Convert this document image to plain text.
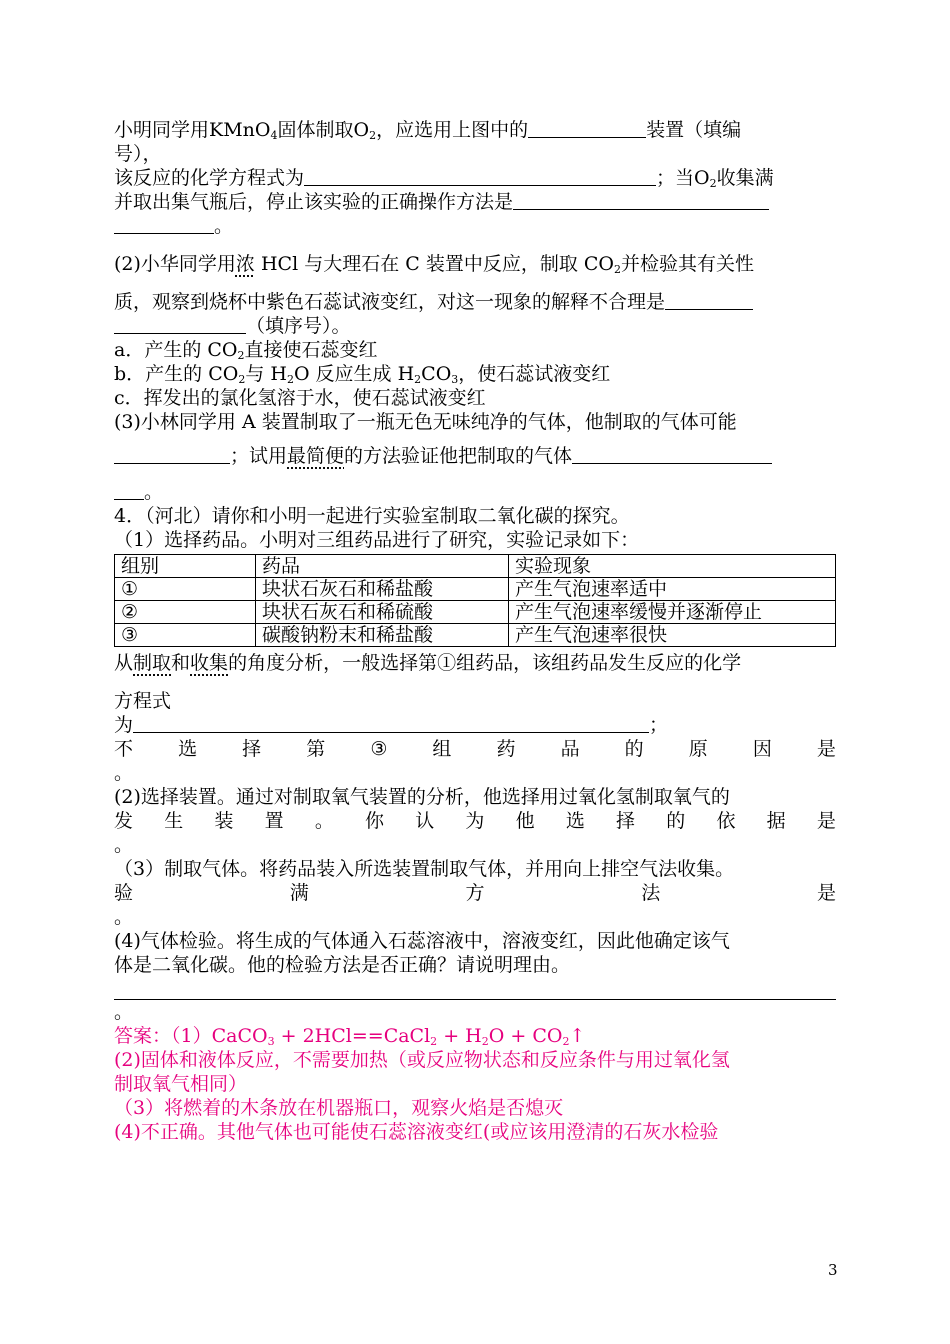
小明同学用KMnO$_4$固体制取$O_2$，应选用上图中的	装置（填编
号），
该反应的化学方程式为	；当$O_2$收集满
并取出集气瓶后，停止该实验的正确操作方法是
。
(2)小华同学用浓 HCl 与大理石在 C 装置中反应，制取 $CO_2$并检验其有关性
质，观察到烧杯中紫色石蕊试液变红，对这一现象的解释不合理是
（填序号）。
a．产生的 $CO_2$直接使石蕊变红
b．产生的 $CO_2$与 $H_2O$ 反应生成 $H_2CO_3$，使石蕊试液变红
c．挥发出的氯化氢溶于水，使石蕊试液变红
(3)小林同学用 A 装置制取了一瓶无色无味纯净的气体，他制取的气体可能
；试用最简便的方法验证他把制取的气体
。
4．（河北）请你和小明一起进行实验室制取二氧化碳的探究。
（1）选择药品。小明对三组药品进行了研究，实验记录如下：
组别	药品	实验现象
①	块状石灰石和稀盐酸	产生气泡速率适中
②	块状石灰石和稀硫酸	产生气泡速率缓慢并逐渐停止
③	碳酸钠粉末和稀盐酸	产生气泡速率很快
从制取和收集的角度分析，一般选择第①组药品，该组药品发生反应的化学
方程式
为	；
不 选 择 第 ③ 组 药 品 的 原 因 是
。
(2)选择装置。通过对制取氧气装置的分析，他选择用过氧化氢制取氧气的
发 生 装 置 。 你 认 为 他 选 择 的 依 据 是
。
（3）制取气体。将药品装入所选装置制取气体，并用向上排空气法收集。
验	满	方	法	是
。
(4)气体检验。将生成的气体通入石蕊溶液中，溶液变红，因此他确定该气
体是二氧化碳。他的检验方法是否正确？请说明理由。
。
答案：（1）CaCO$_3$ + 2HCl==CaCl$_2$ + $H_2O$ + $CO_2↑$
(2)固体和液体反应，不需要加热（或反应物状态和反应条件与用过氧化氢
制取氧气相同）
（3）将燃着的木条放在机器瓶口，观察火焰是否熄灭
(4)不正确。其他气体也可能使石蕊溶液变红(或应该用澄清的石灰水检验
3
